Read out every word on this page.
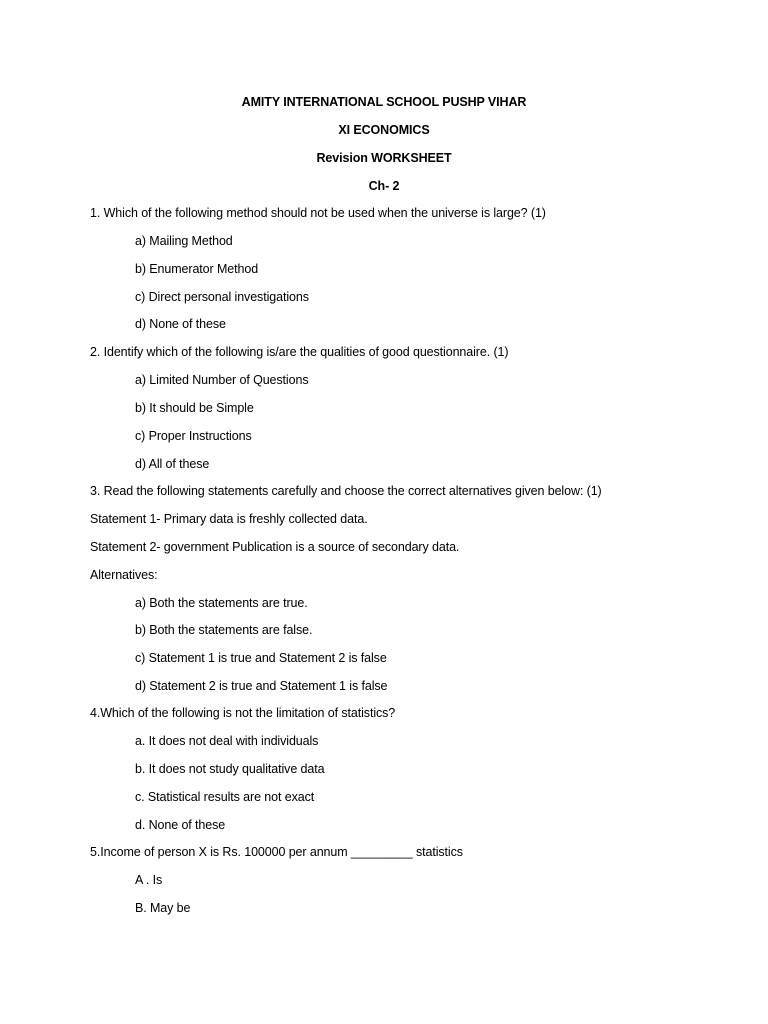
AMITY INTERNATIONAL SCHOOL PUSHP VIHAR
XI ECONOMICS
Revision WORKSHEET
Ch- 2
1. Which of the following method should not be used when the universe is large? (1)
a) Mailing Method
b) Enumerator Method
c) Direct personal investigations
d) None of these
2. Identify which of the following is/are the qualities of good questionnaire. (1)
a) Limited Number of Questions
b) It should be Simple
c) Proper Instructions
d) All of these
3. Read the following statements carefully and choose the correct alternatives given below: (1)
Statement 1- Primary data is freshly collected data.
Statement 2- government Publication is a source of secondary data.
Alternatives:
a) Both the statements are true.
b) Both the statements are false.
c) Statement 1 is true and Statement 2 is false
d) Statement 2 is true and Statement 1 is false
4.Which of the following is not the limitation of statistics?
a. It does not deal with individuals
b. It does not study qualitative data
c. Statistical results are not exact
d. None of these
5.Income of person X is Rs. 100000 per annum _________ statistics
A . Is
B. May be
